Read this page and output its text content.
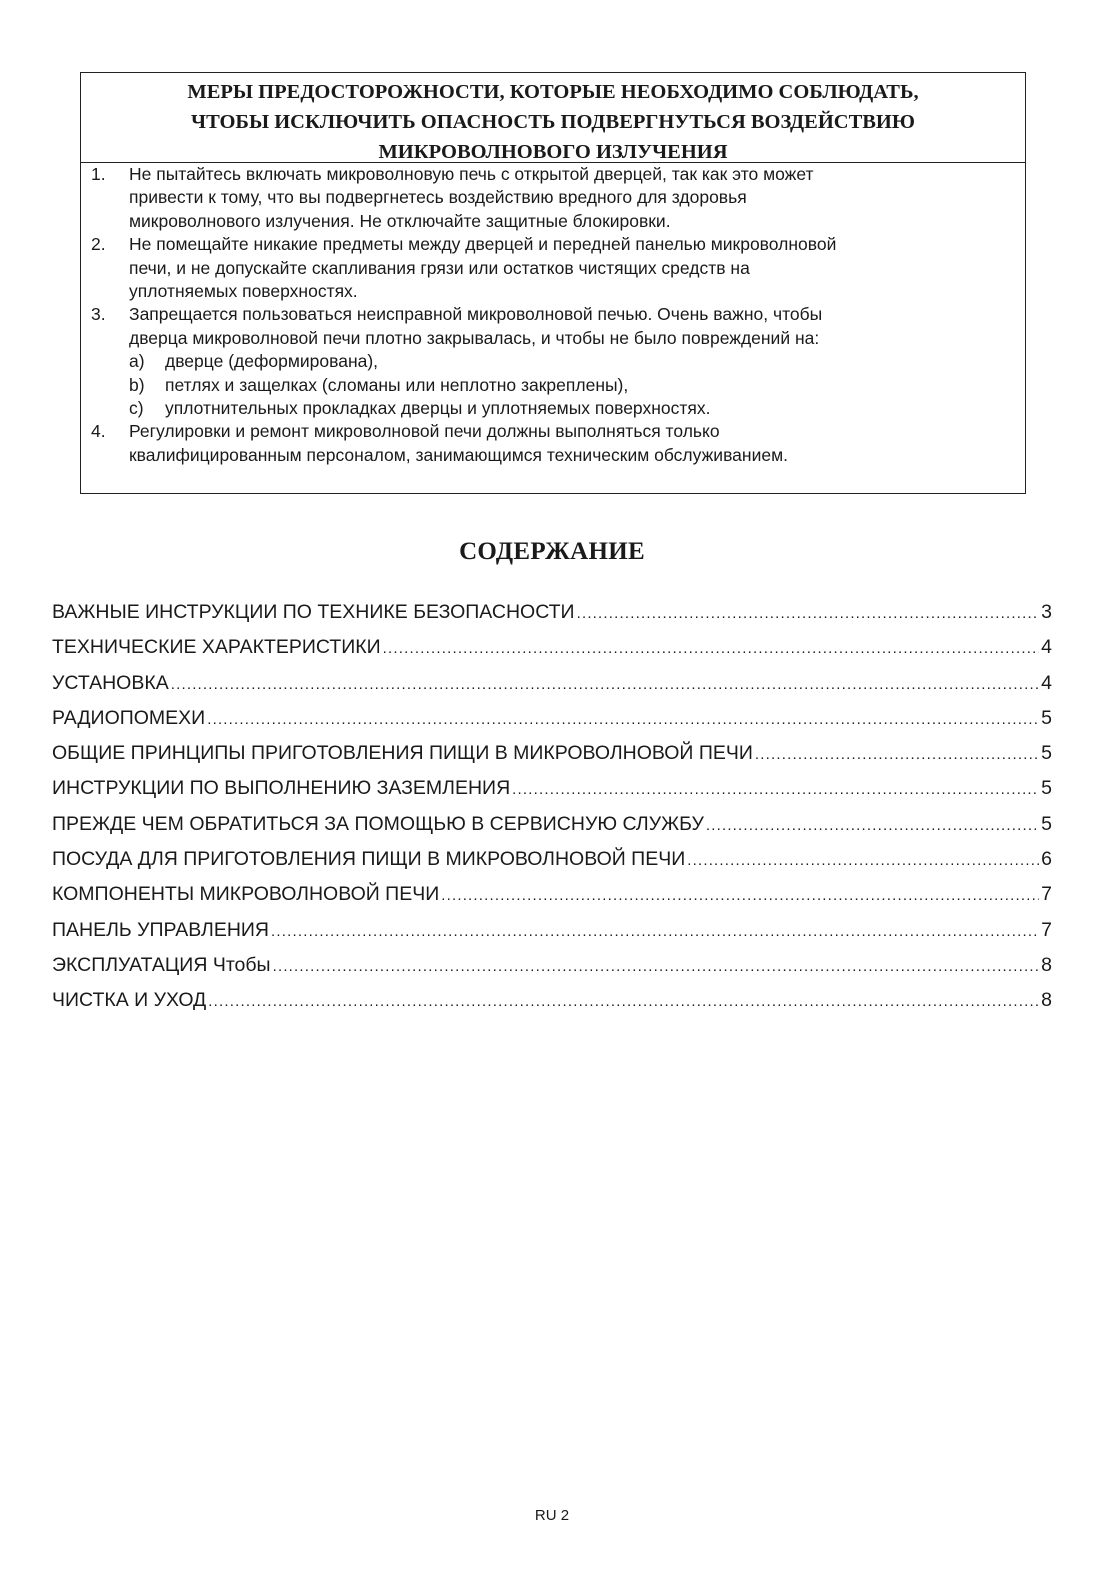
МЕРЫ ПРЕДОСТОРОЖНОСТИ, КОТОРЫЕ НЕОБХОДИМО СОБЛЮДАТЬ,
ЧТОБЫ ИСКЛЮЧИТЬ ОПАСНОСТЬ ПОДВЕРГНУТЬСЯ ВОЗДЕЙСТВИЮ
МИКРОВОЛНОВОГО ИЗЛУЧЕНИЯ
1. Не пытайтесь включать микроволновую печь с открытой дверцей, так как это может
привести к тому, что вы подвергнетесь воздействию вредного для здоровья
микроволнового излучения. Не отключайте защитные блокировки.
2. Не помещайте никакие предметы между дверцей и передней панелью микроволновой
печи, и не допускайте скапливания грязи или остатков чистящих средств на
уплотняемых поверхностях.
3. Запрещается пользоваться неисправной микроволновой печью. Очень важно, чтобы
дверца микроволновой печи плотно закрывалась, и чтобы не было повреждений на:
a) дверце (деформирована),
b) петлях и защелках (сломаны или неплотно закреплены),
c) уплотнительных прокладках дверцы и уплотняемых поверхностях.
4. Регулировки и ремонт микроволновой печи должны выполняться только
квалифицированным персоналом, занимающимся техническим обслуживанием.
СОДЕРЖАНИЕ
ВАЖНЫЕ ИНСТРУКЦИИ ПО ТЕХНИКЕ БЕЗОПАСНОСТИ .....	3
ТЕХНИЧЕСКИЕ ХАРАКТЕРИСТИКИ .....	4
УСТАНОВКА .....	4
РАДИОПОМЕХИ .....	5
ОБЩИЕ ПРИНЦИПЫ ПРИГОТОВЛЕНИЯ ПИЩИ В МИКРОВОЛНОВОЙ ПЕЧИ .....	5
ИНСТРУКЦИИ ПО ВЫПОЛНЕНИЮ ЗАЗЕМЛЕНИЯ .....	5
ПРЕЖДЕ ЧЕМ ОБРАТИТЬСЯ ЗА ПОМОЩЬЮ В СЕРВИСНУЮ СЛУЖБУ .....	5
ПОСУДА ДЛЯ ПРИГОТОВЛЕНИЯ ПИЩИ В МИКРОВОЛНОВОЙ ПЕЧИ .....	6
КОМПОНЕНТЫ МИКРОВОЛНОВОЙ ПЕЧИ .....	7
ПАНЕЛЬ УПРАВЛЕНИЯ .....	7
ЭКСПЛУАТАЦИЯ Чтобы .....	8
ЧИСТКА И УХОД .....	8
RU 2
